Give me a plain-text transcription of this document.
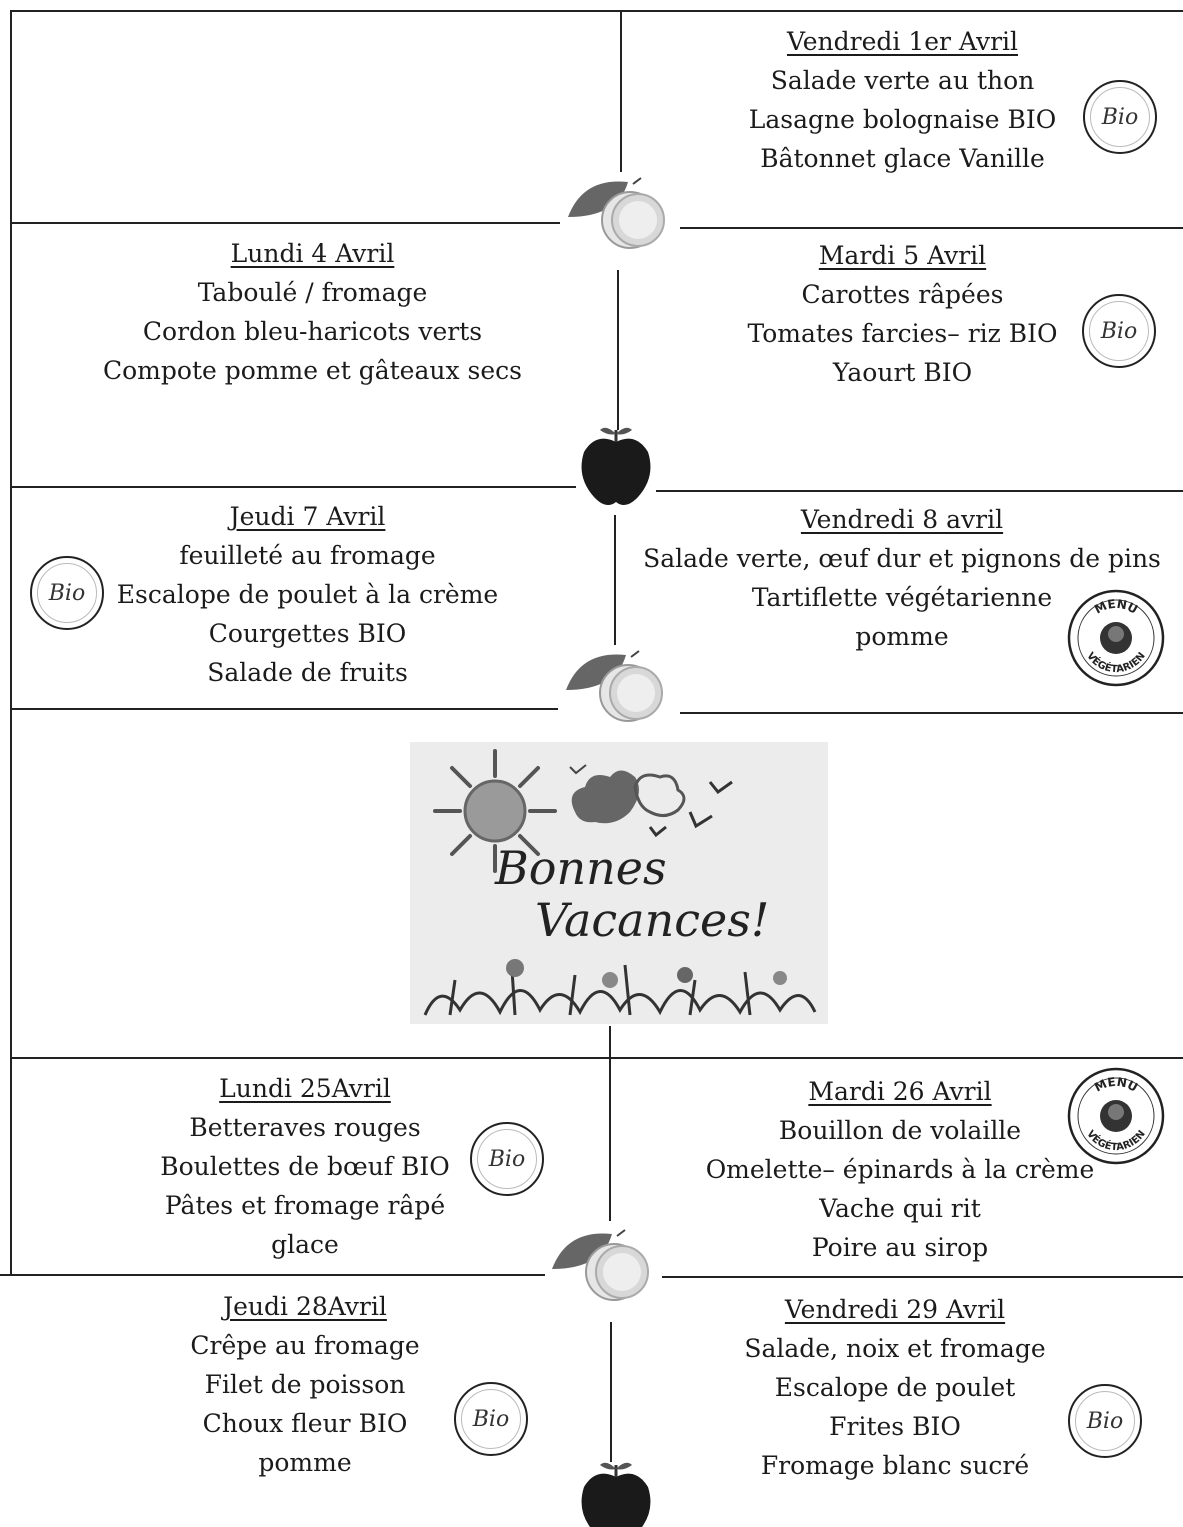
Vendredi 1er Avril
Salade verte au thon
Lasagne bolognaise BIO
Bâtonnet glace Vanille
Lundi 4 Avril
Taboulé / fromage
Cordon bleu-haricots verts
Compote pomme et gâteaux secs
Mardi 5 Avril
Carottes râpées
Tomates farcies– riz BIO
Yaourt BIO
Jeudi 7 Avril
feuilleté au fromage
Escalope de poulet à la crème
Courgettes BIO
Salade de fruits
Vendredi 8 avril
Salade verte, œuf dur et pignons de pins
Tartiflette végétarienne
pomme
Lundi 25Avril
Betteraves rouges
Boulettes de bœuf BIO
Pâtes et fromage râpé
glace
Mardi 26 Avril
Bouillon de volaille
Omelette– épinards à la crème
Vache qui rit
Poire au sirop
Jeudi 28Avril
Crêpe au fromage
Filet de poisson
Choux fleur BIO
pomme
Vendredi 29 Avril
Salade, noix et fromage
Escalope de poulet
Frites BIO
Fromage blanc sucré
Bio
Bio
Bio
Bio
Bio	Bio
MENU
VÉGÉTARIEN
MENU
VÉGÉTARIEN
Bonnes
Vacances!
